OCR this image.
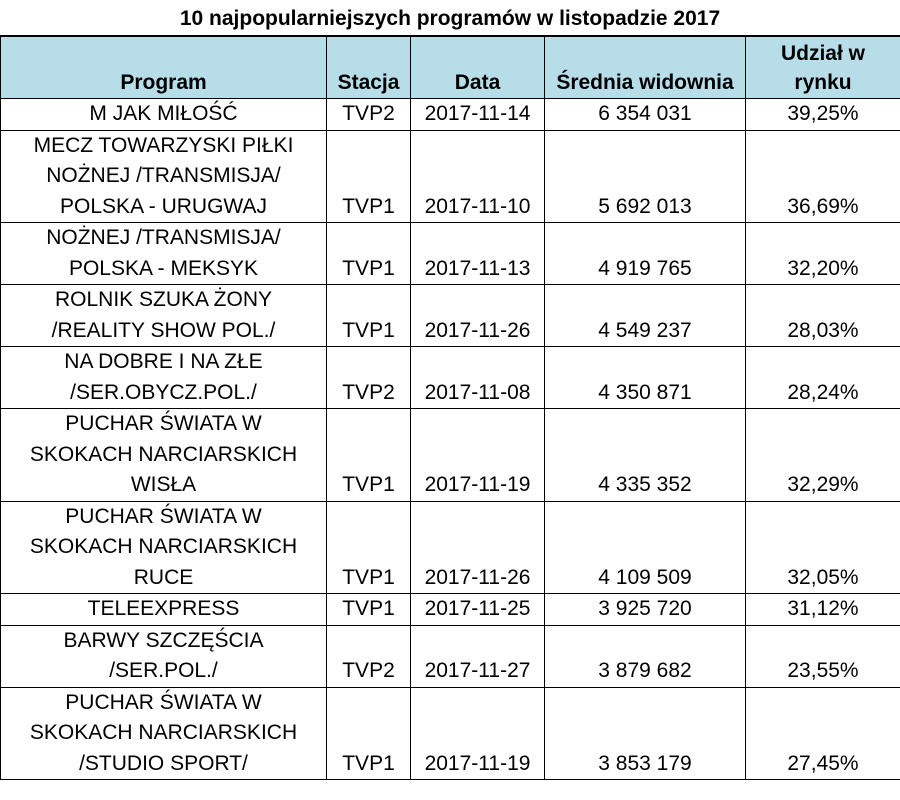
10 najpopularniejszych programów w listopadzie 2017
Program	Stacja	Data	Średnia widownia	Udział w rynku
M JAK MIŁOŚĆ	TVP2	2017-11-14	6 354 031	39,25%
MECZ TOWARZYSKI PIŁKI
NOŻNEJ /TRANSMISJA/
POLSKA - URUGWAJ	TVP1	2017-11-10	5 692 013	36,69%
NOŻNEJ /TRANSMISJA/
POLSKA - MEKSYK	TVP1	2017-11-13	4 919 765	32,20%
ROLNIK SZUKA ŻONY
/REALITY SHOW POL./	TVP1	2017-11-26	4 549 237	28,03%
NA DOBRE I NA ZŁE
/SER.OBYCZ.POL./	TVP2	2017-11-08	4 350 871	28,24%
PUCHAR ŚWIATA W
SKOKACH NARCIARSKICH
WISŁA	TVP1	2017-11-19	4 335 352	32,29%
PUCHAR ŚWIATA W
SKOKACH NARCIARSKICH
RUCE	TVP1	2017-11-26	4 109 509	32,05%
TELEEXPRESS	TVP1	2017-11-25	3 925 720	31,12%
BARWY SZCZĘŚCIA
/SER.POL./	TVP2	2017-11-27	3 879 682	23,55%
PUCHAR ŚWIATA W
SKOKACH NARCIARSKICH
/STUDIO SPORT/	TVP1	2017-11-19	3 853 179	27,45%
